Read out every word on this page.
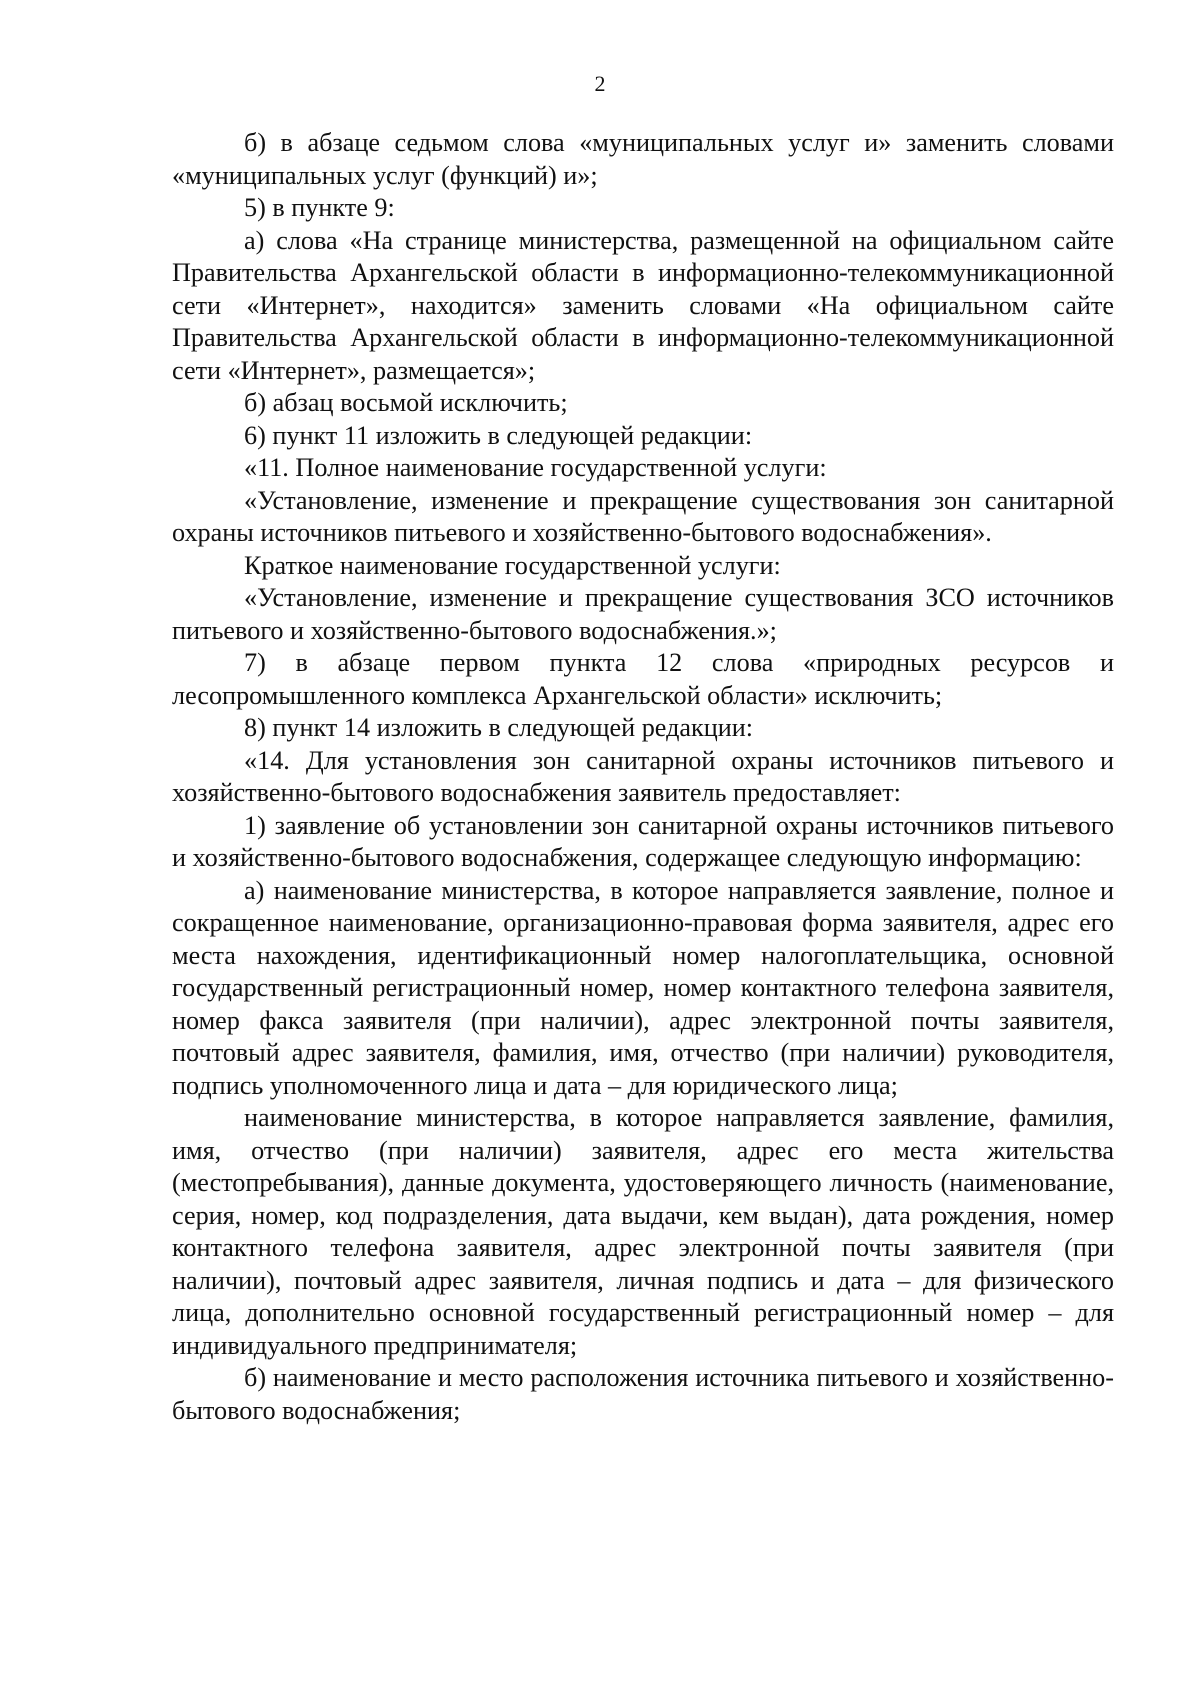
2

б) в абзаце седьмом слова «муниципальных услуг и» заменить словами «муниципальных услуг (функций) и»;

5) в пункте 9:

а) слова «На странице министерства, размещенной на официальном сайте Правительства Архангельской области в информационно-телекоммуникационной сети «Интернет», находится» заменить словами «На официальном сайте Правительства Архангельской области в информационно-телекоммуникационной сети «Интернет», размещается»;

б) абзац восьмой исключить;

6) пункт 11 изложить в следующей редакции:

«11. Полное наименование государственной услуги:

«Установление, изменение и прекращение существования зон санитарной охраны источников питьевого и хозяйственно-бытового водоснабжения».

Краткое наименование государственной услуги:

«Установление, изменение и прекращение существования ЗСО источников питьевого и хозяйственно-бытового водоснабжения.»;

7) в абзаце первом пункта 12 слова «природных ресурсов и лесопромышленного комплекса Архангельской области» исключить;

8) пункт 14 изложить в следующей редакции:

«14. Для установления зон санитарной охраны источников питьевого и хозяйственно-бытового водоснабжения заявитель предоставляет:

1) заявление об установлении зон санитарной охраны источников питьевого и хозяйственно-бытового водоснабжения, содержащее следующую информацию:

а) наименование министерства, в которое направляется заявление, полное и сокращенное наименование, организационно-правовая форма заявителя, адрес его места нахождения, идентификационный номер налогоплательщика, основной государственный регистрационный номер, номер контактного телефона заявителя, номер факса заявителя (при наличии), адрес электронной почты заявителя, почтовый адрес заявителя, фамилия, имя, отчество (при наличии) руководителя, подпись уполномоченного лица и дата – для юридического лица;

наименование министерства, в которое направляется заявление, фамилия, имя, отчество (при наличии) заявителя, адрес его места жительства (местопребывания), данные документа, удостоверяющего личность (наименование, серия, номер, код подразделения, дата выдачи, кем выдан), дата рождения, номер контактного телефона заявителя, адрес электронной почты заявителя (при наличии), почтовый адрес заявителя, личная подпись и дата – для физического лица, дополнительно основной государственный регистрационный номер – для индивидуального предпринимателя;

б) наименование и место расположения источника питьевого и хозяйственно-бытового водоснабжения;
